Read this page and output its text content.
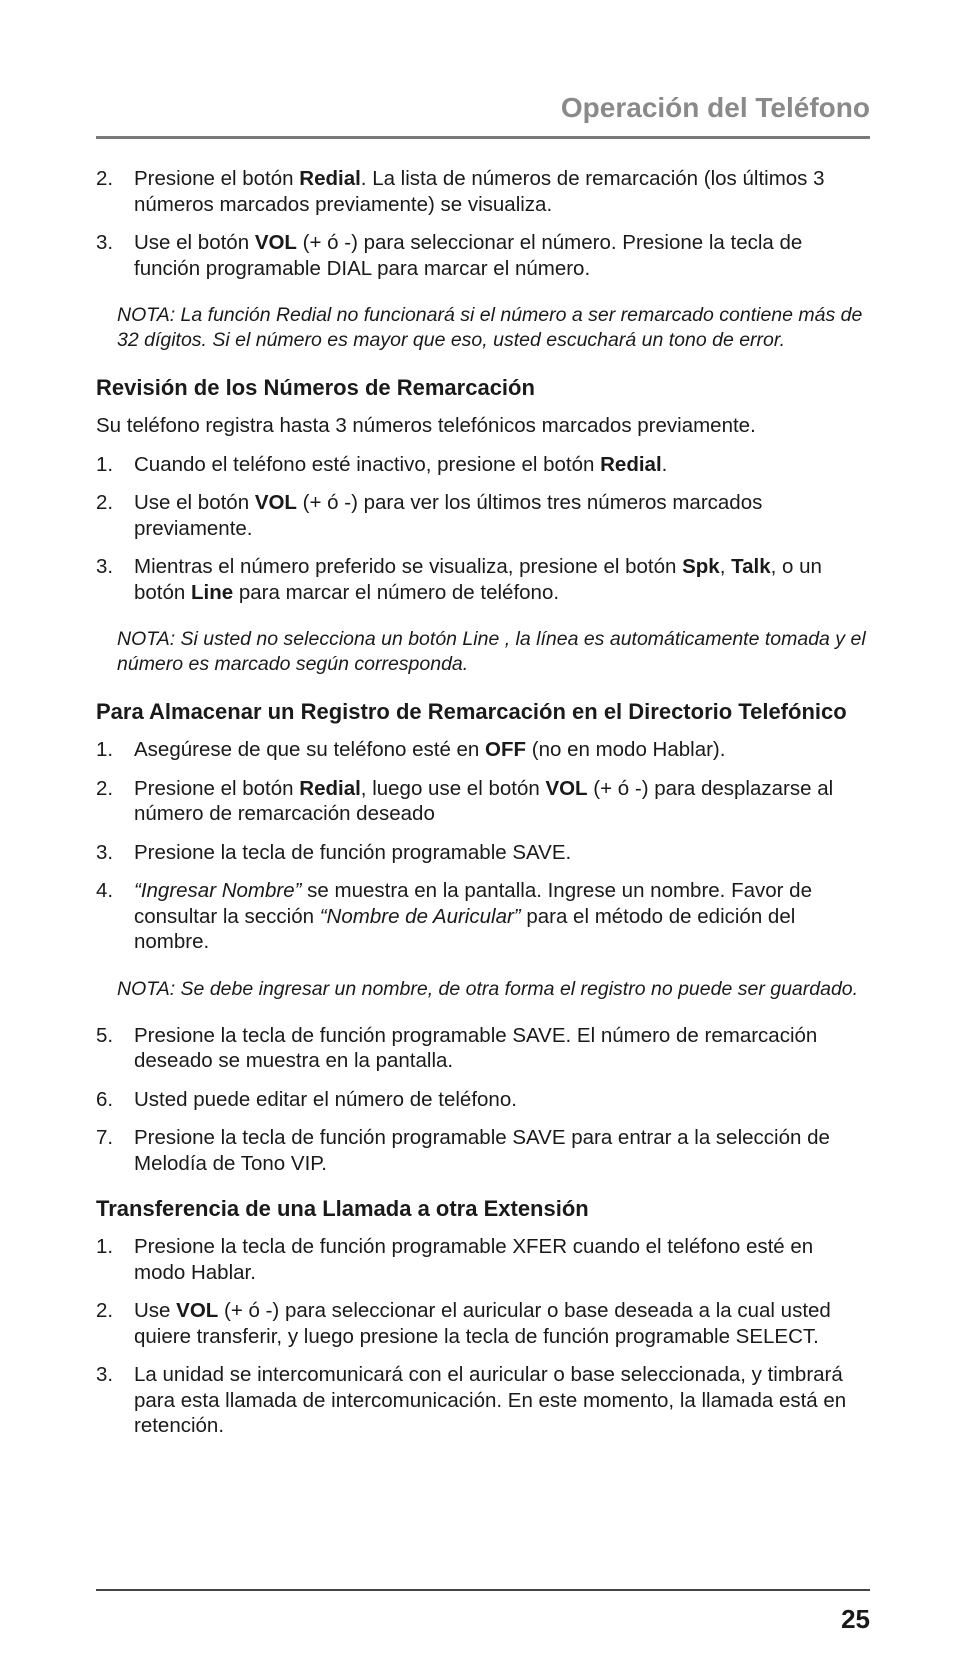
Operación del Teléfono
2. Presione el botón Redial. La lista de números de remarcación (los últimos 3 números marcados previamente) se visualiza.
3. Use el botón VOL (+ ó -) para seleccionar el número. Presione la tecla de función programable DIAL para marcar el número.
NOTA: La función Redial no funcionará si el número a ser remarcado contiene más de 32 dígitos. Si el número es mayor que eso, usted escuchará un tono de error.
Revisión de los Números de Remarcación
Su teléfono registra hasta 3 números telefónicos marcados previamente.
1. Cuando el teléfono esté inactivo, presione el botón Redial.
2. Use el botón VOL (+ ó -) para ver los últimos tres números marcados previamente.
3. Mientras el número preferido se visualiza, presione el botón Spk, Talk, o un botón Line para marcar el número de teléfono.
NOTA: Si usted no selecciona un botón Line , la línea es automáticamente tomada y el número es marcado según corresponda.
Para Almacenar un Registro de Remarcación en el Directorio Telefónico
1. Asegúrese de que su teléfono esté en OFF (no en modo Hablar).
2. Presione el botón Redial, luego use el botón VOL (+ ó -) para desplazarse al número de remarcación deseado
3. Presione la tecla de función programable SAVE.
4. “Ingresar Nombre” se muestra en la pantalla. Ingrese un nombre. Favor de consultar la sección “Nombre de Auricular” para el método de edición del nombre.
NOTA: Se debe ingresar un nombre, de otra forma el registro no puede ser guardado.
5. Presione la tecla de función programable SAVE. El número de remarcación deseado se muestra en la pantalla.
6. Usted puede editar el número de teléfono.
7. Presione la tecla de función programable SAVE para entrar a la selección de Melodía de Tono VIP.
Transferencia de una Llamada a otra Extensión
1. Presione la tecla de función programable XFER cuando el teléfono esté en modo Hablar.
2. Use VOL (+ ó -) para seleccionar el auricular o base deseada a la cual usted quiere transferir, y luego presione la tecla de función programable SELECT.
3. La unidad se intercomunicará con el auricular o base seleccionada, y timbrará para esta llamada de intercomunicación. En este momento, la llamada está en retención.
25
